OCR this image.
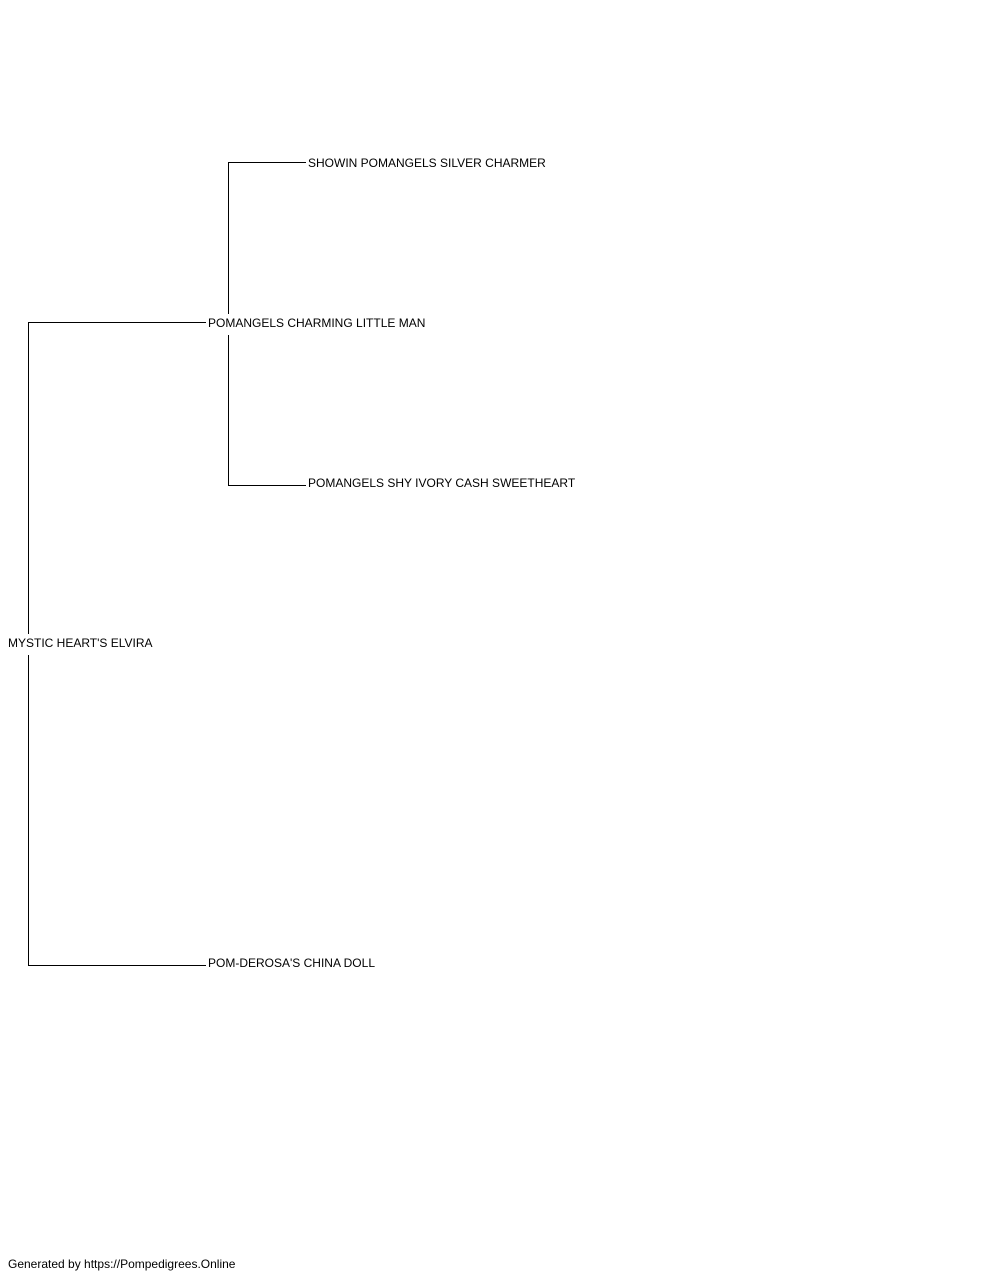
SHOWIN POMANGELS SILVER CHARMER
POMANGELS CHARMING LITTLE MAN
POMANGELS SHY IVORY CASH SWEETHEART
MYSTIC HEART'S ELVIRA
POM-DEROSA'S CHINA DOLL
Generated by https://Pompedigrees.Online
